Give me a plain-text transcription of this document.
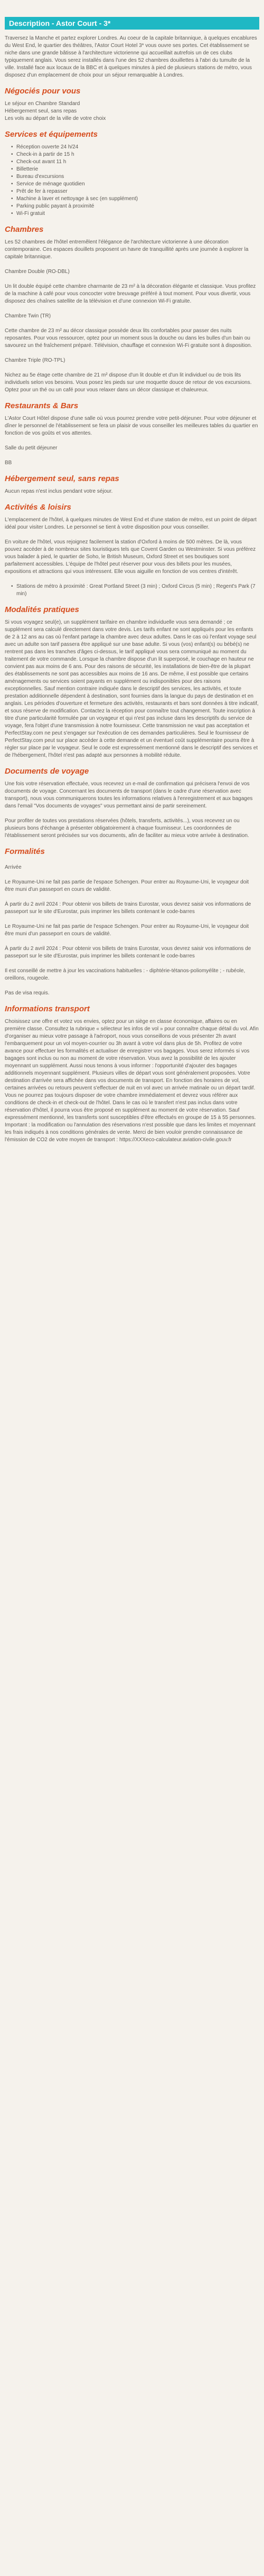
Description - Astor Court - 3*

Traversez la Manche et partez explorer Londres. Au coeur de la capitale britannique, à quelques encablures du West End, le quartier des théâtres, l'Astor Court Hotel 3* vous ouvre ses portes. Cet établissement se niche dans une grande bâtisse à l'architecture victorienne qui accueillait autrefois un de ces clubs typiquement anglais. Vous serez installés dans l'une des 52 chambres douillettes à l'abri du tumulte de la ville. Installé face aux locaux de la BBC et à quelques minutes à pied de plusieurs stations de métro, vous disposez d'un emplacement de choix pour un séjour remarquable à Londres.

Négociés pour vous

Le séjour en Chambre Standard

Hébergement seul, sans repas

Les vols au départ de la ville de votre choix

Services et équipements
• Réception ouverte 24 h/24
• Check-in à partir de 15 h
• Check-out avant 11 h
• Billetterie
• Bureau d'excursions
• Service de ménage quotidien
• Prêt de fer à repasser
• Machine à laver et nettoyage à sec (en supplément)
• Parking public payant à proximité
• Wi-Fi gratuit
Chambres

Les 52 chambres de l'hôtel entremêlent l'élégance de l'architecture victorienne à une décoration contemporaine. Ces espaces douillets proposent un havre de tranquillité après une journée à explorer la capitale britannique.

Chambre Double (RO-DBL)

Un lit double équipé cette chambre charmante de 23 m² à la décoration élégante et classique. Vous profitez de la machine à café pour vous concocter votre breuvage préféré à tout moment. Pour vous divertir, vous disposez des chaînes satellite de la télévision et d'une connexion Wi-Fi gratuite.

Chambre Twin (TR)

Cette chambre de 23 m² au décor classique possède deux lits confortables pour passer des nuits reposantes. Pour vous ressourcer, optez pour un moment sous la douche ou dans les bulles d'un bain ou savourez un thé fraîchement préparé. Télévision, chauffage et connexion Wi-Fi gratuite sont à disposition.

Chambre Triple (RO-TPL)

Nichez au 5e étage cette chambre de 21 m² dispose d'un lit double et d'un lit individuel ou de trois lits individuels selon vos besoins. Vous posez les pieds sur une moquette douce de retour de vos excursions. Optez pour un thé ou un café pour vous relaxer dans un décor classique et chaleureux.

Restaurants & Bars

L'Astor Court Hôtel dispose d'une salle où vous pourrez prendre votre petit-déjeuner. Pour votre déjeuner et dîner le personnel de l'établissement se fera un plaisir de vous conseiller les meilleures tables du quartier en fonction de vos goûts et vos attentes.

Salle du petit déjeuner

BB

Hébergement seul, sans repas

Aucun repas n'est inclus pendant votre séjour.

Activités & loisirs

L'emplacement de l'hôtel, à quelques minutes de West End et d'une station de métro, est un point de départ idéal pour visiter Londres. Le personnel se tient à votre disposition pour vous conseiller.

En voiture de l'hôtel, vous rejoignez facilement la station d'Oxford à moins de 500 mètres. De là, vous pouvez accéder à de nombreux sites touristiques tels que Covent Garden ou Westminster. Si vous préférez vous balader à pied, le quartier de Soho, le British Museum, Oxford Street et ses boutiques sont parfaitement accessibles. L'équipe de l'hôtel peut réserver pour vous des billets pour les musées, expositions et attractions qui vous intéressent. Elle vous aiguille en fonction de vos centres d'intérêt.

• Stations de métro à proximité : Great Portland Street (3 min) ; Oxford Circus (5 min) ; Regent's Park (7 min)
Modalités pratiques

Si vous voyagez seul(e), un supplément tarifaire en chambre individuelle vous sera demandé ; ce supplément sera calculé directement dans votre devis. Les tarifs enfant ne sont appliqués pour les enfants de 2 à 12 ans au cas où l'enfant partage la chambre avec deux adultes. Dans le cas où l'enfant voyage seul avec un adulte son tarif passera être appliqué sur une base adulte. Si vous (vos) enfant(s) ou bébé(s) ne rentrent pas dans les tranches d'âges ci-dessus, le tarif appliqué vous sera communiqué au moment du traitement de votre commande. Lorsque la chambre dispose d'un lit superposé, le couchage en hauteur ne convient pas aux moins de 6 ans. Pour des raisons de sécurité, les installations de bien-être de la plupart des établissements ne sont pas accessibles aux moins de 16 ans. De même, il est possible que certains aménagements ou services soient payants en supplément ou indisponibles pour des raisons exceptionnelles. Sauf mention contraire indiquée dans le descriptif des services, les activités, et toute prestation additionnelle dépendent à destination, sont fournies dans la langue du pays de destination et en anglais. Les périodes d'ouverture et fermeture des activités, restaurants et bars sont données à titre indicatif, et sous réserve de modification. Contactez la réception pour connaître tout changement. Toute inscription à titre d'une particularité formulée par un voyageur et qui n'est pas incluse dans les descriptifs du service de voyage, fera l'objet d'une transmission à notre fournisseur. Cette transmission ne vaut pas acceptation et PerfectStay.com ne peut s'engager sur l'exécution de ces demandes particulières. Seul le fournisseur de PerfectStay.com peut sur place accéder à cette demande et un éventuel coût supplémentaire pourra être à régler sur place par le voyageur. Seul le code est expressément mentionné dans le descriptif des services et de l'hébergement, l'hôtel n'est pas adapté aux personnes à mobilité réduite.

Documents de voyage

Une fois votre réservation effectuée, vous recevrez un e-mail de confirmation qui précisera l'envoi de vos documents de voyage. Concernant les documents de transport (dans le cadre d'une réservation avec transport), nous vous communiquerons toutes les informations relatives à l'enregistrement et aux bagages dans l'email "Vos documents de voyages" vous permettant ainsi de partir sereinement.

Pour profiter de toutes vos prestations réservées (hôtels, transferts, activités...), vous recevrez un ou plusieurs bons d'échange à présenter obligatoirement à chaque fournisseur. Les coordonnées de l'établissement seront précisées sur vos documents, afin de faciliter au mieux votre arrivée à destination.

Formalités

Arrivée

Le Royaume-Uni ne fait pas partie de l'espace Schengen. Pour entrer au Royaume-Uni, le voyageur doit être muni d'un passeport en cours de validité.

À partir du 2 avril 2024 : Pour obtenir vos billets de trains Eurostar, vous devrez saisir vos informations de passeport sur le site d'Eurostar, puis imprimer les billets contenant le code-barres

Le Royaume-Uni ne fait pas partie de l'espace Schengen. Pour entrer au Royaume-Uni, le voyageur doit être muni d'un passeport en cours de validité.

À partir du 2 avril 2024 : Pour obtenir vos billets de trains Eurostar, vous devrez saisir vos informations de passeport sur le site d'Eurostar, puis imprimer les billets contenant le code-barres

Il est conseillé de mettre à jour les vaccinations habituelles : - diphtérie-tétanos-poliomyélite ; - rubéole, oreillons, rougeole.

Pas de visa requis.

Informations transport

Choisissez une offre et votez vos envies, optez pour un siège en classe économique, affaires ou en première classe. Consultez la rubrique « sélecteur les infos de vol » pour connaître chaque détail du vol. Afin d'organiser au mieux votre passage à l'aéroport, nous vous conseillons de vous présenter 2h avant l'embarquement pour un vol moyen-courrier ou 3h avant à votre vol dans plus de 5h. Profitez de votre avance pour effectuer les formalités et actualiser de enregistrer vos bagages. Vous serez informés si vos bagages sont inclus ou non au moment de votre réservation. Vous avez la possibilité de les ajouter moyennant un supplément. Aussi nous tenons à vous informer : l'opportunité d'ajouter des bagages additionnels moyennant supplément. Plusieurs villes de départ vous sont généralement proposées. Votre destination d'arrivée sera affichée dans vos documents de transport. En fonction des horaires de vol, certaines arrivées ou retours peuvent s'effectuer de nuit en vol avec un arrivée matinale ou un départ tardif. Vous ne pourrez pas toujours disposer de votre chambre immédiatement et devrez vous référer aux conditions de check-in et check-out de l'hôtel. Dans le cas où le transfert n'est pas inclus dans votre réservation d'hôtel, il pourra vous être proposé en supplément au moment de votre réservation. Sauf expressément mentionné, les transferts sont susceptibles d'être effectués en groupe de 15 à 55 personnes. Important : la modification ou l'annulation des réservations n'est possible que dans les limites et moyennant les frais indiqués à nos conditions générales de vente. Merci de bien vouloir prendre connaissance de l'émission de CO2 de votre moyen de transport : https://XXXeco-calculateur.aviation-civile.gouv.fr
